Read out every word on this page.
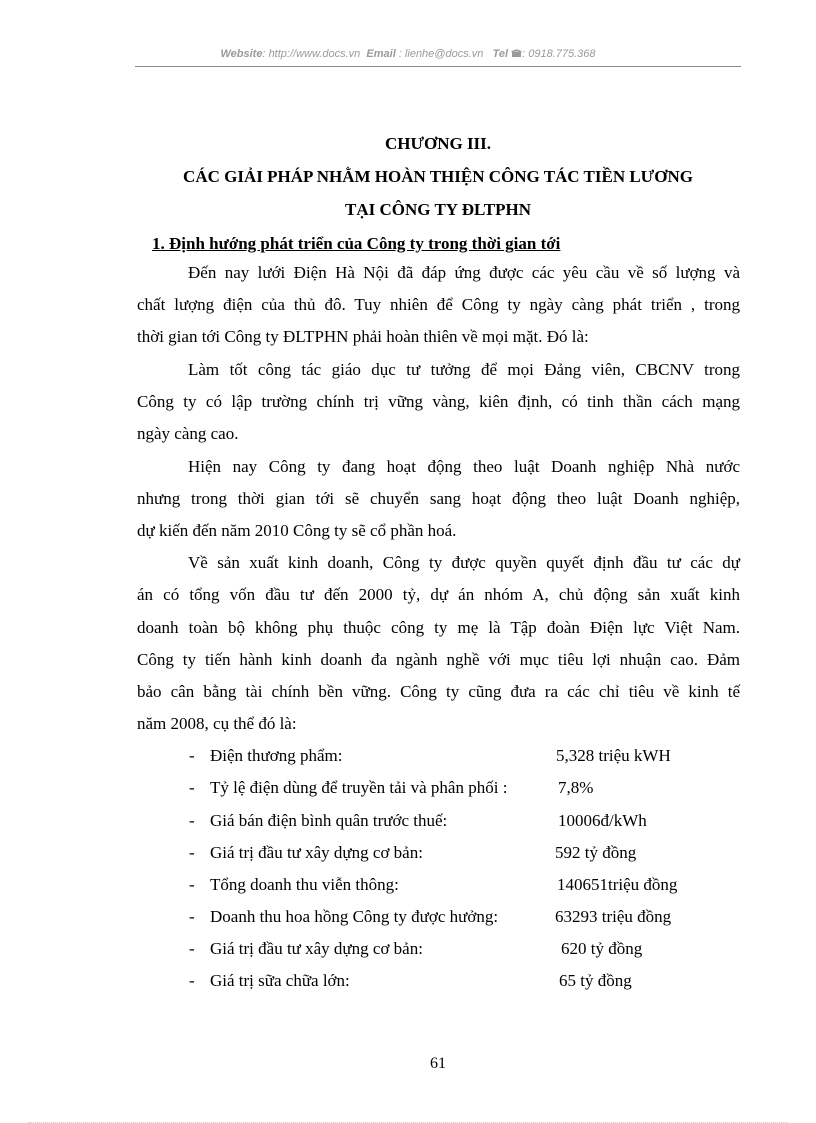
Website: http://www.docs.vn Email : lienhe@docs.vn Tel : 0918.775.368
CHƯƠNG III.
CÁC GIẢI PHÁP NHẰM HOÀN THIỆN CÔNG TÁC TIỀN LƯƠNG
TẠI CÔNG TY ĐLTPHN
1. Định hướng phát triển của Công ty trong thời gian tới
Đến nay lưới Điện Hà Nội đã đáp ứng được các yêu cầu về số lượng và
chất lượng điện của thủ đô. Tuy nhiên để Công ty ngày càng phát triển , trong
thời gian tới Công ty ĐLTPHN phải hoàn thiên về mọi mặt. Đó là:
Làm tốt công tác giáo dục tư tưởng để mọi Đảng viên, CBCNV trong
Công ty có lập trường chính trị vững vàng, kiên định, có tinh thần cách mạng
ngày càng cao.
Hiện nay Công ty đang hoạt động theo luật Doanh nghiệp Nhà nước
nhưng trong thời gian tới sẽ chuyển sang hoạt động theo luật Doanh nghiệp,
dự kiến đến năm 2010 Công ty sẽ cổ phần hoá.
Về sản xuất kinh doanh, Công ty được quyền quyết định đầu tư các dự
án có tổng vốn đầu tư đến 2000 tỷ, dự án nhóm A, chủ động sản xuất kinh
doanh toàn bộ không phụ thuộc công ty mẹ là Tập đoàn Điện lực Việt Nam.
Công ty tiến hành kinh doanh đa ngành nghề với mục tiêu lợi nhuận cao. Đảm
bảo cân bằng tài chính bền vững. Công ty cũng đưa ra các chỉ tiêu về kinh tế
năm 2008, cụ thể đó là:
- Điện thương phẩm:	5,328 triệu kWH
- Tỷ lệ điện dùng để truyền tải và phân phối :	7,8%
- Giá bán điện bình quân trước thuế:	10006đ/kWh
- Giá trị đầu tư xây dựng cơ bản:	592 tỷ đồng
- Tổng doanh thu viễn thông:	140651triệu đồng
- Doanh thu hoa hồng Công ty được hưởng:	63293 triệu đồng
- Giá trị đầu tư xây dựng cơ bản:	620 tỷ đồng
- Giá trị sữa chữa lớn:	65 tỷ đồng
61
